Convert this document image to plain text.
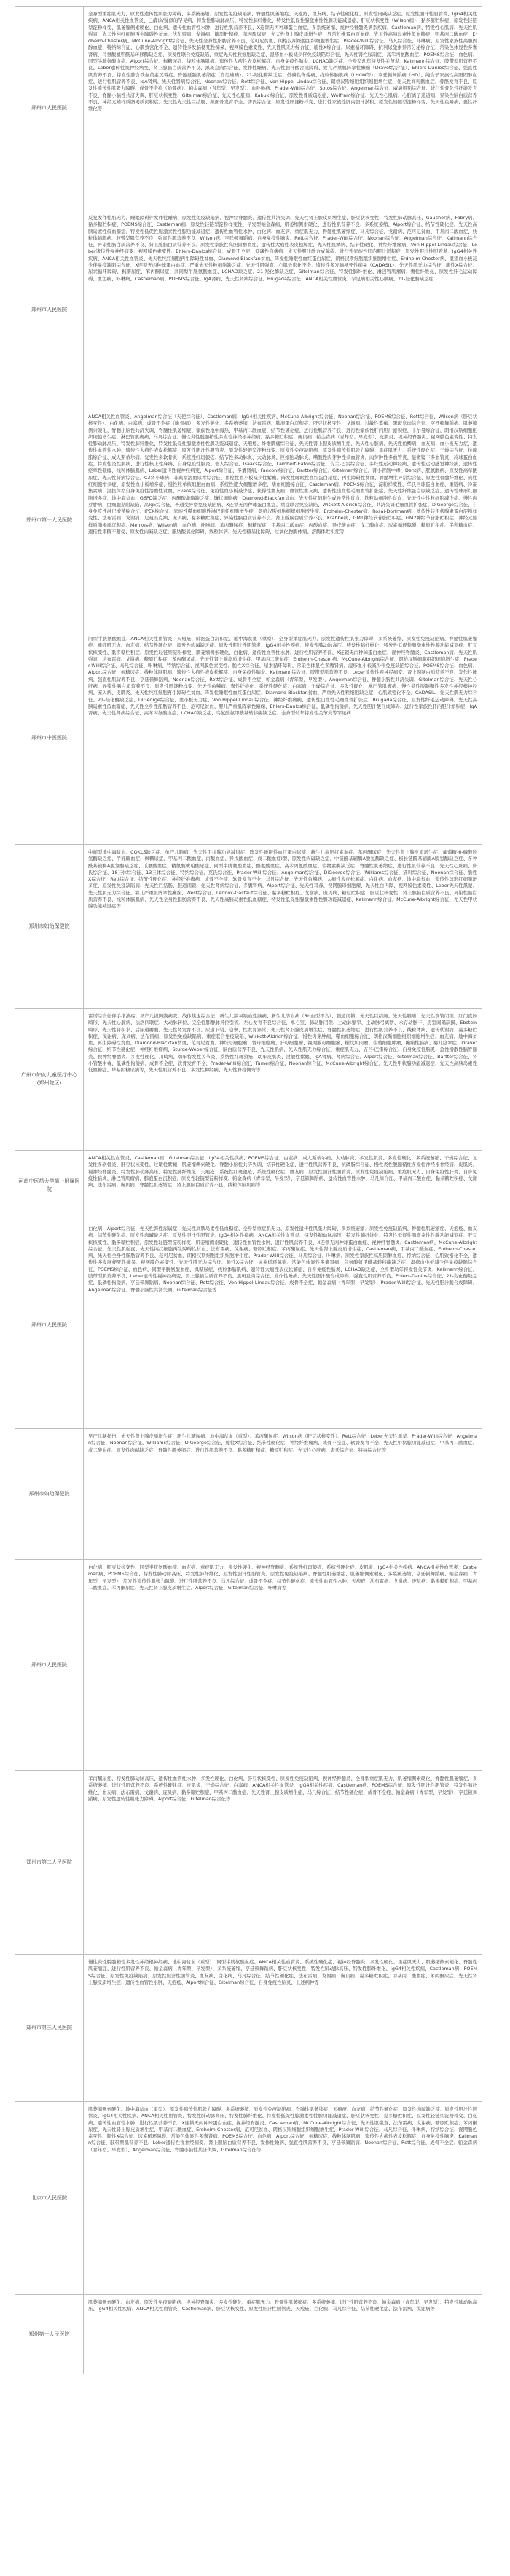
郑州市人民医院
全身型重症肌无力、原发性遗传性肌张力障碍、多系统萎缩、原发性免疫缺陷病、脊髓性肌萎缩症、天疱疮、血友病、结节性硬化症、原发性肉碱缺乏症、原发性胆汁性胆管炎、IgG4相关性疾病、ANCA相关性血管炎、已确诊/疑似的罕见病，特发性肺动脉高压、特发性肺纤维化、特发性低促性腺激素性性腺功能减退症、肝豆状核变性（Wilson病）、黏多糖贮积症、原发性轻链型淀粉样变、肌萎缩侧索硬化、白化病、遗传性血管性水肿、进行性肌营养不良、X连锁无丙种球蛋白血症、多系统萎缩、视神经脊髓炎谱系疾病、Castleman病、特发性心肌病、先天性肌强直、先天性纯红细胞再生障碍性贫血、法布雷病、戈谢病、糖原贮积症、苯丙酮尿症、先天性肾上腺皮质增生症、异常纤维蛋白原血症、先天性高胰岛素性低血糖症、甲基丙二酸血症、Erdheim-Chester病、McCune-Albright综合征、先天性全身性脂肪营养不良、范可尼贫血、朗格汉斯细胞组织细胞增生症、Prader-Willi综合征、马凡综合征、卟啉病、原发性家族性高胆固醇血症、特纳综合征、心肌致密化不全、遗传性多发脑梗死性痴呆、视网膜色素变性、先天性肌无力综合征、脆性X综合征、尿素循环障碍、抗利尿激素异常分泌综合征、常染色体显性多囊肾病、鸟氨酸氨甲酰基转移酶缺乏症、原发性联合免疫缺陷、重症先天性粒细胞缺乏症、湿疹血小板减少伴免疫缺陷综合征、先天性肾性尿崩症、高苯丙氨酸血症、POEMS综合征、血色病、同型半胱氨酸血症、Alport综合征、枫糖尿症、线粒体脑肌病、遗传性大疱性表皮松解症、自身免疫性脑炎、LCHAD缺乏症、全身型幼年特发性关节炎、Kallmann综合征、肢带型肌营养不良、Leber遗传性视神经病变、肾上腺脑白质营养不良、黑斑息肉综合征、发作性睡病、先天性胆汁酸合成障碍、婴儿严重肌阵挛性癫痫（Dravet综合征）、Ehlers-Danlos综合征、强直性肌营养不良、特发性肺含铁血黄素沉着症、脊髓延髓肌萎缩症（肯尼迪病）、21-羟化酶缺乏症、低磷性佝偻病、线粒体脑肌病（LHON等）、亨廷顿舞蹈病（HD）、纯合子家族性高胆固醇血症、进行性肌营养不良、IgA肾病、先天性肾病综合征、Noonan综合征、Rett综合征、Von Hippel-Lindau综合征、朗格汉斯细胞组织细胞增生症、先天性高乳酸血症、骨骼发育不良、原发性遗传性肌张力障碍、成骨不全症（脆骨病）、帕金森病（青年型、早发型）、血卟啉病、Prader-Willi综合征、Sotos综合征、Angelman综合征、威廉姆斯综合征、进行性骨化性纤维发育不良、脊髓小脑性共济失调、肝豆状核变性、Gitelman综合征、先天性心脏病、Kabuki综合征、原发性骨质疏松症、Wolfram综合征、先天性心肌病、心脏离子通道病、异染性脑白质营养不良、神经元蜡样质脂褐质沉积症、先天性先天性巨结肠、颅面骨发育不全、唐氏综合征、原发性肝淀粉样变、进行性家族性肝内胆汁淤积、原发性轻链型淀粉样变、先天性鱼鳞病、囊性纤维化等
郑州市人民医院
反复发作性肌无力、睡眠障碍伴发作性睡病、原发性免疫缺陷病、视神经脊髓炎、遗传性共济失调、先天性肾上腺皮质增生症、肝豆状核变性、特发性肺动脉高压、Gaucher病、Fabry病、黏多糖贮积症、POEMS综合征、Castleman病、原发性轻链型淀粉样变性、早发型帕金森病、肌萎缩侧索硬化、进行性肌营养不良、多系统萎缩、Alport综合征、结节性硬化症、先天性高胰岛素性低血糖症、特发性低促性腺激素性性腺功能减退症、遗传性血管性水肿、白化病、血友病、重症肌无力、脊髓性肌萎缩症、马凡综合征、戈谢病、范可尼贫血、甲基丙二酸血症、线粒体脑肌病、肢带型肌营养不良、强直性肌营养不良、Wilson病、亨廷顿舞蹈病、自身免疫性脑炎、Rett综合征、Prader-Willi综合征、Noonan综合征、Angelman综合征、Kallmann综合征、异染性脑白质营养不良、肾上腺脑白质营养不良、原发性家族性高胆固醇血症、遗传性大疱性表皮松解症、先天性鱼鳞病、结节性硬化、神经纤维瘤病、Von Hippel-Lindau综合征、Leber遗传性视神经病变、视网膜色素变性、Ehlers-Danlos综合征、成骨不全症、低磷性佝偻病、先天性胆汁酸合成障碍、进行性家族性肝内胆汁淤积症、原发性胆汁性胆管炎、IgG4相关性疾病、ANCA相关性血管炎、先天性纯红细胞再生障碍性贫血、Diamond-Blackfan贫血、阵发性睡眠性血红蛋白尿症、朗格汉斯细胞组织细胞增生症、Erdheim-Chester病、湿疹血小板减少伴免疫缺陷综合征、X连锁无丙种球蛋白血症、严重先天性粒细胞缺乏症、先天性肌强直、心肌致密化不全、遗传性多发脑梗死性痴呆（CADASIL）、先天性肌无力综合征、脆性X综合征、尿素循环障碍、枫糖尿症、苯丙酮尿症、高同型半胱氨酸血症、LCHAD缺乏症、21-羟化酶缺乏症、Gitelman综合征、特发性肺纤维化、淋巴管肌瘤病、囊性纤维化、原发性纤毛运动障碍、血色病、卟啉病、Castleman病、POEMS综合征、IgA肾病、先天性肾病综合征、Brugada综合征、ANCA相关性血管炎、罕见病相关性心肌病、21-羟化酶缺乏症
郑州市第一人民医院
ANCA相关性血管炎、Angelman综合征（天使综合征）、Castleman病、IgG4相关性疾病、McCune-Albright综合征、Noonan综合征、POEMS综合征、Rett综合征、Wilson病（肝豆状核变性）、白化病、白塞病、成骨不全症（脆骨病）、多发性硬化、多系统萎缩、法布雷病、肺泡蛋白沉积症、肝豆状核变性、戈谢病、过敏性紫癜、黑斑息肉综合征、亨廷顿舞蹈病、肌萎缩侧索硬化、脊髓小脑性共济失调、脊髓性肌萎缩症、家族性地中海热、甲基丙二酸血症、结节性硬化症、进行性肌营养不良、进行性家族性肝内胆汁淤积症、卡尔曼综合征、朗格汉斯细胞组织细胞增生症、淋巴管肌瘤病、马凡综合征、慢性炎性脱髓鞘性多发性神经根神经病、黏多糖贮积症、庞贝病、帕金森病（青年型、早发型）、皮肌炎、视神经脊髓炎、视网膜色素变性、特发性肺动脉高压、特发性肺纤维化、特发性低促性腺激素性性腺功能减退症、天疱疮、纤维肌痛综合征、先天性肾上腺皮质增生症、先天性心脏病、先天性鱼鳞病、血友病、血小板无力症、遗传性血管性水肿、遗传性大疱性表皮松解症、原发性胆汁性胆管炎、原发性轻链型淀粉样变、原发性免疫缺陷病、原发性遗传性肌张力障碍、重症肌无力、系统性硬化症、干燥综合征、抗磷脂综合征、成人斯蒂尔病、复发性多软骨炎、系统性红斑狼疮、结节性多动脉炎、大动脉炎、巨细胞动脉炎、嗜酸性肉芽肿性多血管炎、肉芽肿性多血管炎、显微镜下多血管炎、冷球蛋白血症、特发性炎性肌病、进行性核上性麻痹、自身免疫性脑炎、僵人综合征、Isaacs综合征、Lambert-Eaton综合征、吉兰-巴雷综合征、多灶性运动神经病、遗传性运动感觉神经病、遗传性痉挛性截瘫、线粒体脑肌病、Leber遗传性视神经病变、Alport综合征、多囊肾病、Fanconi综合征、Bartter综合征、Gitelman综合征、肾小管酸中毒、Dent病、胱氨酸病、原发性高草酸尿症、先天性肾病综合征、C3肾小球病、非典型溶血尿毒综合征、血栓性血小板减少性紫癜、阵发性睡眠性血红蛋白尿症、再生障碍性贫血、骨髓增生异常综合征、原发性骨髓纤维化、真性红细胞增多症、原发性血小板增多症、慢性粒单核细胞白血病、系统性肥大细胞增多症、嗜血细胞综合征、Castleman病、POEMS综合征、淀粉样变性、华氏巨球蛋白血症、重链病、冷凝集素病、温抗体型自身免疫性溶血性贫血、Evans综合征、免疫性血小板减少症、获得性血友病、血管性血友病、遗传性出血性毛细血管扩张症、先天性纤维蛋白原缺乏症、遗传性球形红细胞增多症、地中海贫血、G6PD缺乏症、丙酮酸激酶缺乏症、镰状细胞病、Diamond-Blackfan贫血、先天性红细胞生成异常性贫血、铁粒幼细胞性贫血、先天性中性粒细胞减少症、慢性肉芽肿病、白细胞黏附缺陷、高IgE综合征、普通变异型免疫缺陷病、X连锁无丙种球蛋白血症、重症联合免疫缺陷、Wiskott-Aldrich综合征、共济失调毛细血管扩张症、DiGeorge综合征、自身免疫性淋巴增殖综合征、IPEX综合征、家族性噬血细胞性淋巴组织细胞增生症、朗格汉斯细胞组织细胞增生症、Erdheim-Chester病、Rosai-Dorfman病、遗传性转甲状腺素蛋白淀粉样变性、法布雷病、戈谢病、尼曼匹克病、庞贝病、黏多糖贮积症、异染性脑白质营养不良、肾上腺脑白质营养不良、Krabbe病、GM1神经节苷脂贮积症、GM2神经节苷脂贮积症、神经元蜡样质脂褐质沉积症、Menkes病、Wilson病、血色病、卟啉病、苯丙酮尿症、枫糖尿症、甲基丙二酸血症、丙酸血症、异戊酸血症、戊二酸血症、尿素循环障碍、糖原贮积症、半乳糖血症、遗传性果糖不耐受、原发性肉碱缺乏症、脂肪酸氧化障碍、线粒体病、先天性糖基化障碍、过氧化物酶体病、溶酶体贮积症等
郑州市中医医院
同型半胱氨酸血症、ANCA相关性血管炎、天疱疮、肺泡蛋白沉积症、地中海贫血（重型）、全身型重症肌无力、原发性遗传性肌张力障碍、多系统萎缩、原发性免疫缺陷病、脊髓性肌萎缩症、重症肌无力、血友病、结节性硬化症、原发性肉碱缺乏症、原发性胆汁性胆管炎、IgG4相关性疾病、特发性肺动脉高压、特发性肺纤维化、特发性低促性腺激素性性腺功能减退症、肝豆状核变性、黏多糖贮积症、原发性轻链型淀粉样变、肌萎缩侧索硬化、白化病、遗传性血管性水肿、进行性肌营养不良、X连锁无丙种球蛋白血症、视神经脊髓炎、Castleman病、先天性肌强直、法布雷病、戈谢病、糖原贮积症、苯丙酮尿症、先天性肾上腺皮质增生症、甲基丙二酸血症、Erdheim-Chester病、McCune-Albright综合征、朗格汉斯细胞组织细胞增生症、Prader-Willi综合征、马凡综合征、卟啉病、特纳综合征、视网膜色素变性、脆性X综合征、尿素循环障碍、常染色体显性多囊肾病、湿疹血小板减少伴免疫缺陷综合征、POEMS综合征、血色病、Alport综合征、枫糖尿症、线粒体脑肌病、遗传性大疱性表皮松解症、自身免疫性脑炎、Kallmann综合征、肢带型肌营养不良、Leber遗传性视神经病变、肾上腺脑白质营养不良、发作性睡病、强直性肌营养不良、亨廷顿舞蹈病、Noonan综合征、Rett综合征、成骨不全症、帕金森病（青年型、早发型）、Angelman综合征、脊髓小脑性共济失调、Gitelman综合征、先天性心脏病、异染性脑白质营养不良、原发性肝淀粉样变、先天性鱼鳞病、囊性纤维化、系统性硬化症、白塞病、干燥综合征、多发性硬化、淋巴管肌瘤病、慢性炎性脱髓鞘性多发性神经根神经病、庞贝病、皮肌炎、先天性纯红细胞再生障碍性贫血、阵发性睡眠性血红蛋白尿症、Diamond-Blackfan贫血、严重先天性粒细胞缺乏症、心肌致密化不全、CADASIL、先天性肌无力综合征、21-羟化酶缺乏症、DiGeorge综合征、血小板无力症、Von Hippel-Lindau综合征、神经纤维瘤病、遗传性出血性毛细血管扩张症、Brugada综合征、原发性纤毛运动障碍、先天性高胰岛素性低血糖症、先天性全身性脂肪营养不良、范可尼贫血、婴儿严重肌阵挛性癫痫、Ehlers-Danlos综合征、低磷性佝偻病、先天性胆汁酸合成障碍、进行性家族性肝内胆汁淤积症、IgA肾病、先天性肾病综合征、高苯丙氨酸血症、LCHAD缺乏症、鸟氨酸氨甲酰基转移酶缺乏症、全身型幼年特发性关节炎等罕见病
郑州市妇幼保健院
中间型地中海贫血、COKL5缺乏症、单产儿脑病、先天性甲状腺功能减退症、阵发性睡眠性血红蛋白尿症、新生儿高胆红素血症、苯丙酮尿症、先天性肾上腺皮质增生症、葡萄糖-6-磷酸脱氢酶缺乏症、半乳糖血症、枫糖尿症、甲基丙二酸血症、丙酸血症、异戊酸血症、戊二酸血症I型、原发性肉碱缺乏症、中链酰基辅酶A脱氢酶缺乏症、极长链酰基辅酶A脱氢酶缺乏症、多种酰基辅酶A脱氢酶缺乏症、瓜氨酸血症、精氨酸琥珀酸尿症、同型半胱氨酸血症、酪氨酸血症、高苯丙氨酸血症、生物素酶缺乏症、脊髓性肌萎缩症、进行性肌营养不良、先天性心脏病、唐氏综合征、18三体综合征、13三体综合征、特纳综合征、克氏综合征、Prader-Willi综合征、Angelman综合征、DiGeorge综合征、Williams综合征、猫叫综合征、Noonan综合征、脆性X综合征、Rett综合征、结节性硬化症、神经纤维瘤病、成骨不全症、软骨发育不全、马凡综合征、先天性鱼鳞病、大疱性表皮松解症、白化病、血友病、地中海贫血、遗传性球形红细胞增多症、原发性免疫缺陷病、先天性巨结肠、胆道闭锁、先天性肾病综合征、多囊肾病、Alport综合征、先天性耳聋、视网膜母细胞瘤、先天性白内障、视网膜色素变性、Leber先天性黑蒙、先天性肌无力综合征、婴儿严重肌阵挛性癫痫、West综合征、Lennox-Gastaut综合征、黏多糖贮积症、戈谢病、庞贝病、糖原贮积症、肝豆状核变性、肾上腺脑白质营养不良、异染性脑白质营养不良、线粒体脑肌病、先天性全身性脂肪营养不良、先天性高胰岛素性低血糖症、特发性低促性腺激素性性腺功能减退症、Kallmann综合征、McCune-Albright综合征、先天性甲状腺功能减退症等
广州市妇女儿童医疗中心(郑州院区)
雷诺综合征伴手指溃疡、早产儿视网膜病变、战体焦虑综合征、新生儿缺氧缺血性脑病、新生儿溶血病（Rh血型不合）、胆道闭锁、先天性巨结肠、先天性膈疝、先天性食管闭锁、肛门直肠畸形、先天性心脏病、法洛四联症、大动脉转位、完全性肺静脉异位引流、左心发育不良综合征、单心室、肺动脉闭锁、主动脉缩窄、主动脉弓离断、永存动脉干、房室间隔缺损、Ebstein畸形、先天性肾积水、后尿道瓣膜、先天性肾发育不良、尿道下裂、隐睾、性发育异常、先天性肾上腺皮质增生症、脊髓性肌萎缩症、进行性肌营养不良、线粒体病、遗传代谢病、黏多糖贮积症、戈谢病、庞贝病、法布雷病、原发性免疫缺陷病、重症联合免疫缺陷、Wiskott-Aldrich综合征、慢性肉芽肿病、噬血细胞综合征、朗格汉斯细胞组织细胞增生症、血友病、地中海贫血、再生障碍性贫血、Diamond-Blackfan贫血、范可尼贫血、神经母细胞瘤、肾母细胞瘤、肝母细胞瘤、视网膜母细胞瘤、横纹肌肉瘤、生殖细胞肿瘤、癫痫性脑病、婴儿痉挛症、Dravet综合征、结节性硬化症、神经纤维瘤病、Sturge-Weber综合征、脑白质营养不良、先天性肌病、先天性肌无力综合征、重症肌无力、吉兰-巴雷综合征、自身免疫性脑炎、急性播散性脑脊髓炎、视神经脊髓炎、多发性硬化、川崎病、幼年特发性关节炎、系统性红斑狼疮、幼年皮肌炎、过敏性紫癜、IgA肾病、肾病综合征、Alport综合征、Gitelman综合征、Bartter综合征、肾小管酸中毒、低磷性佝偻病、成骨不全症、软骨发育不全、Prader-Willi综合征、Turner综合征、Noonan综合征、McCune-Albright综合征、先天性甲状腺功能减退症、先天性高胰岛素性低血糖症、单基因糖尿病等，先天性肌营养不良、多发性神经病、先天性脊柱侧弯等
河南中医药大学第一附属医院
ANCA相关性血管炎、Castleman病、Gitelman综合征、IgG4相关性疾病、POEMS综合征、白塞病、成人斯蒂尔病、大动脉炎、多发性肌炎、多发性硬化、多系统萎缩、干燥综合征、复发性多软骨炎、肝豆状核变性、过敏性紫癜、肌萎缩侧索硬化、脊髓小脑性共济失调、结节性硬化症、进行性肌营养不良、抗磷脂综合征、慢性炎性脱髓鞘性多发性神经根神经病、皮肌炎、视神经脊髓炎、特发性肺动脉高压、特发性肺纤维化、天疱疮、系统性红斑狼疮、系统性硬化症、血友病、原发性胆汁性胆管炎、原发性免疫缺陷病、重症肌无力、自身免疫性肝炎、自身免疫性脑炎、淋巴管肌瘤病、肺泡蛋白沉积症、原发性轻链型淀粉样变、帕金森病（青年型、早发型）、亨廷顿舞蹈病、遗传性血管性水肿、马凡综合征、甲基丙二酸血症、黏多糖贮积症、戈谢病、法布雷病、庞贝病、脊髓性肌萎缩症、肾上腺脑白质营养不良、线粒体脑肌病等
郑州市人民医院
白化病、Alport综合征、先天性肾性尿崩症、先天性高胰岛素性低血糖症、全身型重症肌无力、原发性遗传性肌张力障碍、多系统萎缩、原发性免疫缺陷病、脊髓性肌萎缩症、天疱疮、血友病、结节性硬化症、原发性肉碱缺乏症、原发性胆汁性胆管炎、IgG4相关性疾病、ANCA相关性血管炎、特发性肺动脉高压、特发性肺纤维化、特发性低促性腺激素性性腺功能减退症、肝豆状核变性、黏多糖贮积症、原发性轻链型淀粉样变、肌萎缩侧索硬化、遗传性血管性水肿、进行性肌营养不良、X连锁无丙种球蛋白血症、视神经脊髓炎、Castleman病、McCune-Albright综合征、先天性肌强直、先天性纯红细胞再生障碍性贫血、法布雷病、戈谢病、糖原贮积症、苯丙酮尿症、先天性肾上腺皮质增生症、Castleman病、甲基丙二酸血症、Erdheim-Chester病、先天性全身性脂肪营养不良、范可尼贫血、朗格汉斯细胞组织细胞增生症、Prader-Willi综合征、马凡综合征、卟啉病、原发性家族性高胆固醇血症、特纳综合征、心肌致密化不全、遗传性多发脑梗死性痴呆、视网膜色素变性、先天性肌无力综合征、脆性X综合征、尿素循环障碍、常染色体显性多囊肾病、鸟氨酸氨甲酰基转移酶缺乏症、湿疹血小板减少伴免疫缺陷综合征、POEMS综合征、血色病、同型半胱氨酸血症、枫糖尿症、线粒体脑肌病、遗传性大疱性表皮松解症、自身免疫性脑炎、LCHAD缺乏症、全身型幼年特发性关节炎、Kallmann综合征、肢带型肌营养不良、Leber遗传性视神经病变、肾上腺脑白质营养不良、黑斑息肉综合征、发作性睡病、先天性胆汁酸合成障碍、强直性肌营养不良、Ehlers-Danlos综合征、21-羟化酶缺乏症、低磷性佝偻病、亨廷顿舞蹈病、Noonan综合征、Rett综合征、Von Hippel-Lindau综合征、成骨不全症、帕金森病（青年型、早发型）、Prader-Willi综合征、先天性胆汁酸合成障碍、Angelman综合征、脊髓小脑性共济失调、Gitelman综合征等
郑州市妇幼保健院
早产儿脑损伤、先天性肾上腺皮质增生症、新生儿糖尿病、地中海贫血（重型）、苯丙酮尿症、Wilson病（肝豆状核变性）、Rett综合征、Leber先天性黑蒙、Prader-Willi综合征、Angelman综合征、Noonan综合征、Williams综合征、DiGeorge综合征、脆性X综合征、结节性硬化症、神经纤维瘤病、成骨不全症、软骨发育不全、先天性甲状腺功能减退症、甲基丙二酸血症、戊二酸血症、原发性肉碱缺乏症、脊髓性肌萎缩症、进行性肌营养不良、黏多糖贮积症、糖原贮积症、先天性心脏病、唐氏综合征、特纳综合征等
郑州市人民医院
白化病、肝豆状核变性、同型半胱氨酸血症、血友病、重症肌无力、多发性硬化、视神经脊髓炎、系统性红斑狼疮、系统性硬化症、皮肌炎、IgG4相关性疾病、ANCA相关性血管炎、Castleman病、POEMS综合征、特发性肺动脉高压、特发性肺纤维化、原发性胆汁性胆管炎、原发性免疫缺陷病、脊髓性肌萎缩症、肌萎缩侧索硬化、多系统萎缩、亨廷顿舞蹈病、帕金森病（青年型、早发型）、原发性遗传性肌张力障碍、进行性肌营养不良、马凡综合征、成骨不全症、结节性硬化症、遗传性血管性水肿、天疱疮、法布雷病、戈谢病、庞贝病、黏多糖贮积症、甲基丙二酸血症、苯丙酮尿症、先天性肾上腺皮质增生症、Alport综合征、Gitelman综合征、卟啉病等
郑州市第二人民医院
苯丙酮尿症、特发性肺动脉高压、遗传性血管性水肿、多发性硬化、白化病、肝豆状核变性、原发性免疫缺陷病、视神经脊髓炎、全身型重症肌无力、肌萎缩侧索硬化、脊髓性肌萎缩症、多系统萎缩、进行性肌营养不良、系统性硬化症、皮肌炎、干燥综合征、白塞病、ANCA相关性血管炎、IgG4相关性疾病、Castleman病、POEMS综合征、原发性胆汁性胆管炎、特发性肺纤维化、血友病、法布雷病、戈谢病、庞贝病、黏多糖贮积症、甲基丙二酸血症、先天性肾上腺皮质增生症、马凡综合征、结节性硬化症、成骨不全症、帕金森病（青年型、早发型）、亨廷顿舞蹈病、原发性遗传性肌张力障碍、Alport综合征、Gitelman综合征等
郑州市第三人民医院
慢性炎性脱髓鞘性多发性神经根神经病、地中海贫血（重型）、同型半胱氨酸血症、ANCA相关性血管炎、系统性硬化症、视神经脊髓炎、多发性硬化、重症肌无力、肌萎缩侧索硬化、脊髓性肌萎缩症、进行性肌营养不良、帕金森病（青年型、早发型）、多系统萎缩、亨廷顿舞蹈病、肝豆状核变性、特发性肺动脉高压、特发性肺纤维化、IgG4相关性疾病、Castleman病、POEMS综合征、原发性免疫缺陷病、原发性胆汁性胆管炎、血友病、白化病、马凡综合征、结节性硬化症、法布雷病、戈谢病、庞贝病、黏多糖贮积症、甲基丙二酸血症、苯丙酮尿症、先天性肾上腺皮质增生症、遗传性血管性水肿、天疱疮、Alport综合征、Gitelman综合征、自身免疫性脑炎、上述病种等
北京市人民医院
肌萎缩侧索硬化、地中海贫血（重型）、原发性遗传性肌张力障碍、多系统萎缩、原发性免疫缺陷病、脊髓性肌萎缩症、天疱疮、血友病、结节性硬化症、原发性肉碱缺乏症、原发性胆汁性胆管炎、IgG4相关性疾病、ANCA相关性血管炎、特发性肺动脉高压、特发性肺纤维化、特发性低促性腺激素性性腺功能减退症、肝豆状核变性、黏多糖贮积症、原发性轻链型淀粉样变、白化病、遗传性血管性水肿、进行性肌营养不良、X连锁无丙种球蛋白血症、视神经脊髓炎、Castleman病、McCune-Albright综合征、先天性肌强直、法布雷病、戈谢病、糖原贮积症、苯丙酮尿症、先天性肾上腺皮质增生症、甲基丙二酸血症、Erdheim-Chester病、范可尼贫血、朗格汉斯细胞组织细胞增生症、Prader-Willi综合征、马凡综合征、卟啉病、特纳综合征、视网膜色素变性、脆性X综合征、尿素循环障碍、常染色体显性多囊肾病、POEMS综合征、血色病、Alport综合征、枫糖尿症、线粒体脑肌病、遗传性大疱性表皮松解症、自身免疫性脑炎、Kallmann综合征、肢带型肌营养不良、Leber遗传性视神经病变、肾上腺脑白质营养不良、发作性睡病、强直性肌营养不良、亨廷顿舞蹈病、Noonan综合征、Rett综合征、成骨不全症、帕金森病（青年型、早发型）、Angelman综合征、脊髓小脑性共济失调、Gitelman综合征等
郑州第一人民医院
肌萎缩侧索硬化、血友病、原发性免疫缺陷病、视神经脊髓炎、多发性硬化、重症肌无力、脊髓性肌萎缩症、多系统萎缩、进行性肌营养不良、帕金森病（青年型、早发型）、特发性肺动脉高压、IgG4相关性疾病、ANCA相关性血管炎、Castleman病、肝豆状核变性、原发性胆汁性胆管炎、天疱疮、白化病、马凡综合征、结节性硬化症、法布雷病、戈谢病等
